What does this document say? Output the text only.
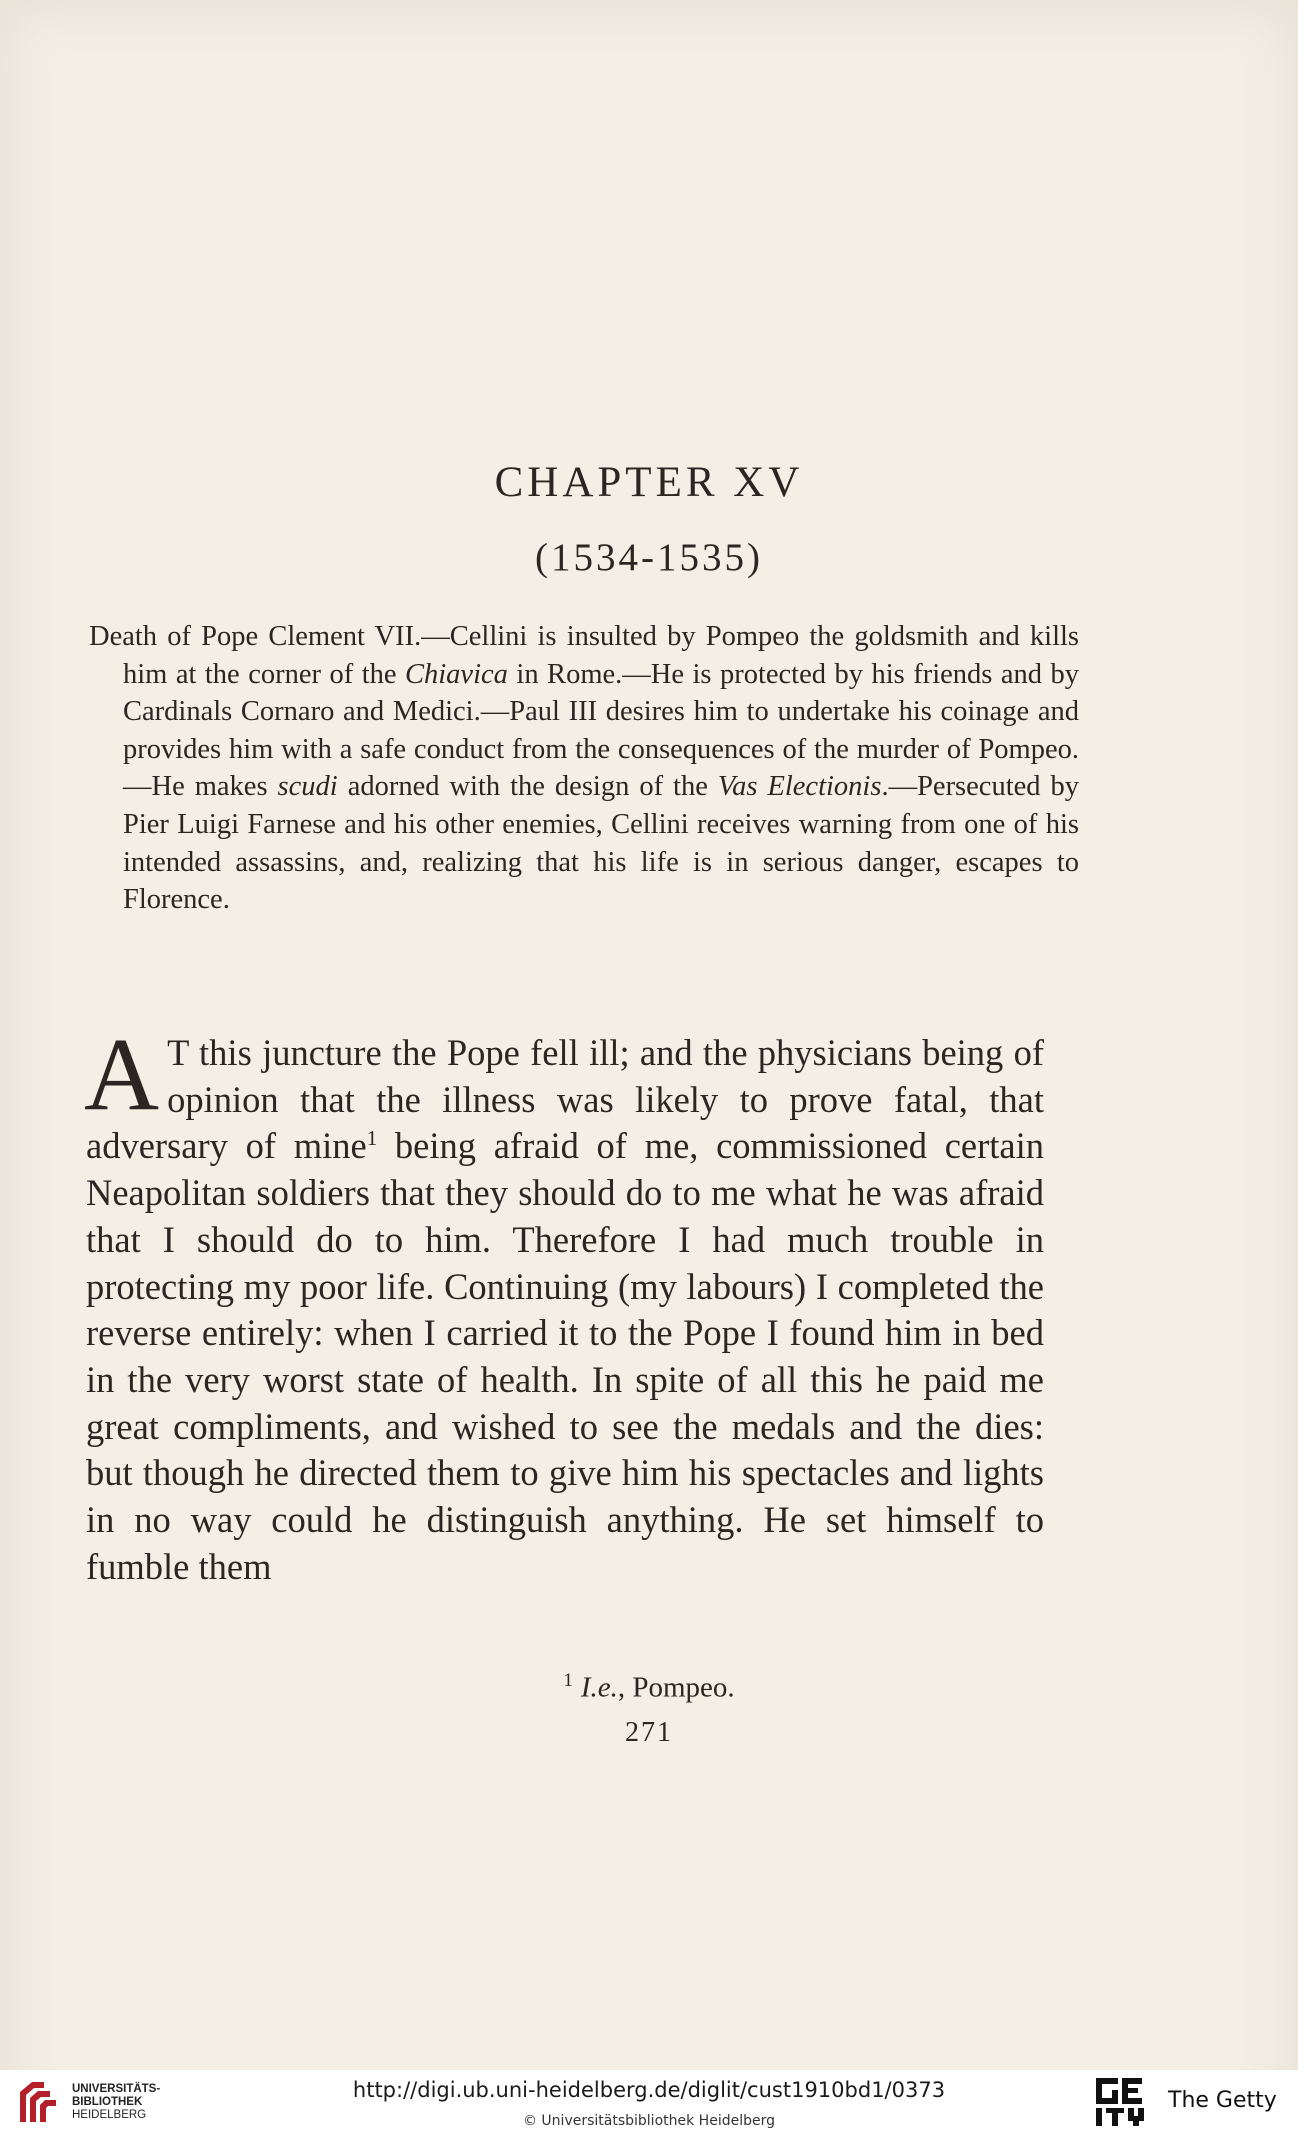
CHAPTER XV
(1534-1535)
Death of Pope Clement VII.—Cellini is insulted by Pompeo the goldsmith and kills him at the corner of the Chiavica in Rome.—He is protected by his friends and by Cardinals Cornaro and Medici.—Paul III desires him to undertake his coinage and provides him with a safe conduct from the consequences of the murder of Pompeo.—He makes scudi adorned with the design of the Vas Electionis.—Persecuted by Pier Luigi Farnese and his other enemies, Cellini receives warning from one of his intended assassins, and, realizing that his life is in serious danger, escapes to Florence.
A T this juncture the Pope fell ill; and the physicians being of opinion that the illness was likely to prove fatal, that adversary of mine$^1$ being afraid of me, commissioned certain Neapolitan soldiers that they should do to me what he was afraid that I should do to him. Therefore I had much trouble in protecting my poor life. Continuing (my labours) I completed the reverse entirely: when I carried it to the Pope I found him in bed in the very worst state of health. In spite of all this he paid me great compliments, and wished to see the medals and the dies: but though he directed them to give him his spectacles and lights in no way could he distinguish anything. He set himself to fumble them
$^1$ I.e., Pompeo.
271
UNIVERSITÄTS-
BIBLIOTHEK
HEIDELBERG
http://digi.ub.uni-heidelberg.de/diglit/cust1910bd1/0373
© Universitätsbibliothek Heidelberg
The Getty
